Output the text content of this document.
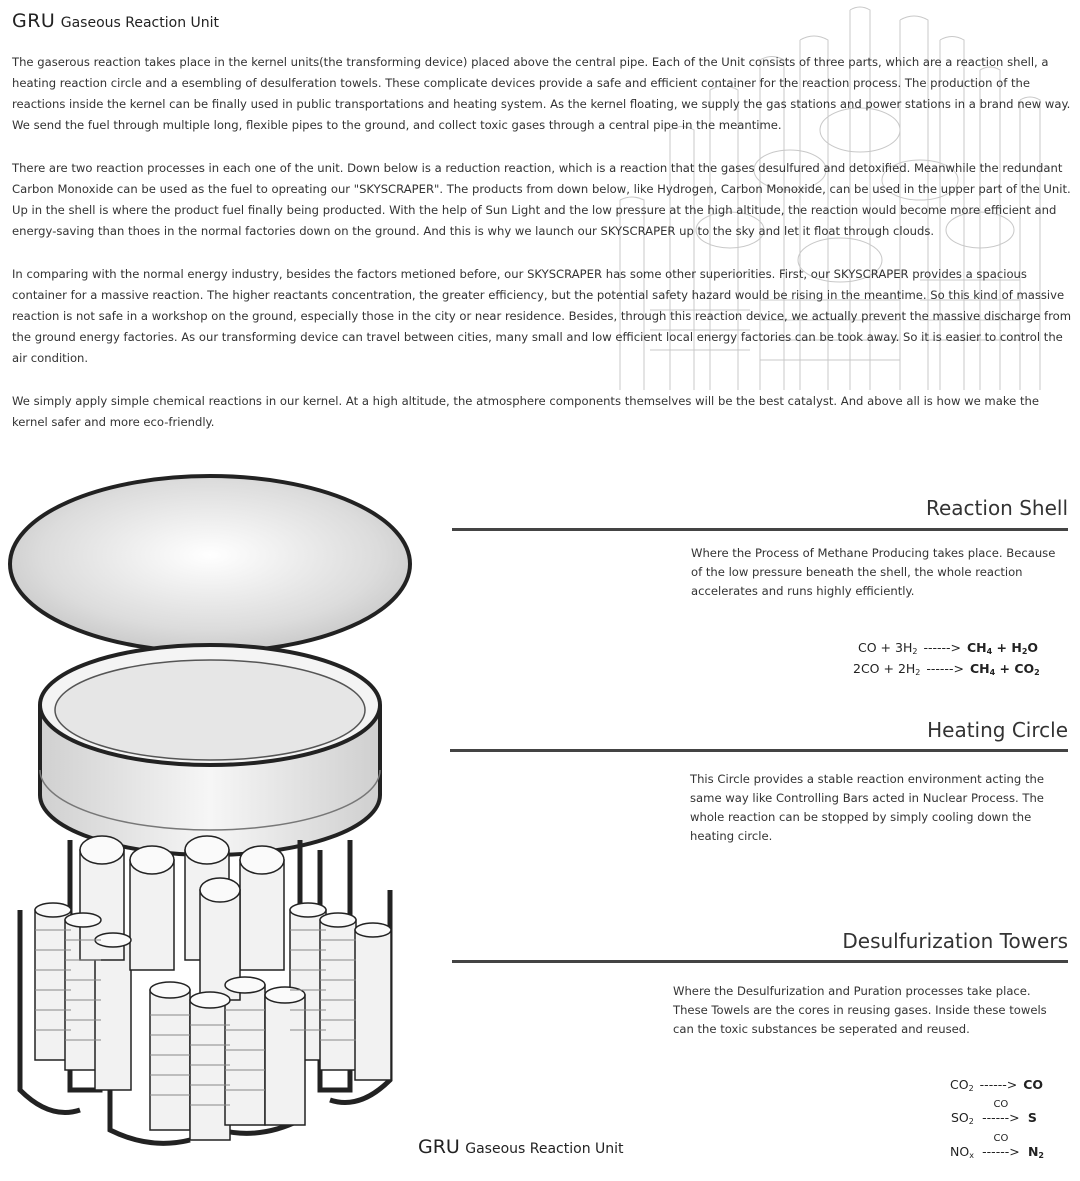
GRU Gaseous Reaction Unit

The gaserous reaction takes place in the kernel units(the transforming device) placed above the central pipe. Each of the Unit consists of three parts, which are a reaction shell, a heating reaction circle and a esembling of desulferation towels. These complicate devices provide a safe and efficient container for the reaction process. The production of the reactions inside the kernel can be finally used in public transportations and heating system. As the kernel floating, we supply the gas stations and power stations in a brand new way. We send the fuel through multiple long, flexible pipes to the ground, and collect toxic gases through a central pipe in the meantime.

There are two reaction processes in each one of the unit. Down below is a reduction reaction, which is a reaction that the gases desulfured and detoxified. Meanwhile the redundant Carbon Monoxide can be used as the fuel to opreating our "SKYSCRAPER". The products from down below, like Hydrogen, Carbon Monoxide, can be used in the upper part of the Unit. Up in the shell is where the product fuel finally being producted. With the help of Sun Light and the low pressure at the high altitude, the reaction would become more efficient and energy-saving than thoes in the normal factories down on the ground. And this is why we launch our SKYSCRAPER up to the sky and let it float through clouds.

In comparing with the normal energy industry, besides the factors metioned before, our SKYSCRAPER has some other superiorities. First, our SKYSCRAPER provides a spacious container for a massive reaction. The higher reactants concentration, the greater efficiency, but the potential safety hazard would be rising in the meantime. So this kind of massive reaction is not safe in a workshop on the ground, especially those in the city or near residence. Besides, through this reaction device, we actually prevent the massive discharge from the ground energy factories. As our transforming device can travel between cities, many small and low efficient local energy factories can be took away. So it is easier to control the air condition.

We simply apply simple chemical reactions in our kernel. At a high altitude, the atmosphere components themselves will be the best catalyst. And above all is how we make the kernel safer and more eco-friendly.

Reaction Shell
Where the Process of Methane Producing takes place. Because of the low pressure beneath the shell, the whole reaction accelerates and runs highly efficiently.
CO + $3H_2$ ------> $CH_4 + H_2O$
$2CO + 2H_2$ ------> $CH_4 + CO_2$
Heating Circle
This Circle provides a stable reaction environment acting the same way like Controlling Bars acted in Nuclear Process. The whole reaction can be stopped by simply cooling down the heating circle.
Desulfurization Towers
Where the Desulfurization and Puration processes take place. These Towels are the cores in reusing gases. Inside these towels can the toxic substances be seperated and reused.
$CO_2$ ------> CO
$SO_2$
CO
------> S
$NO_x$
CO
------> $N_2$
GRU Gaseous Reaction Unit
